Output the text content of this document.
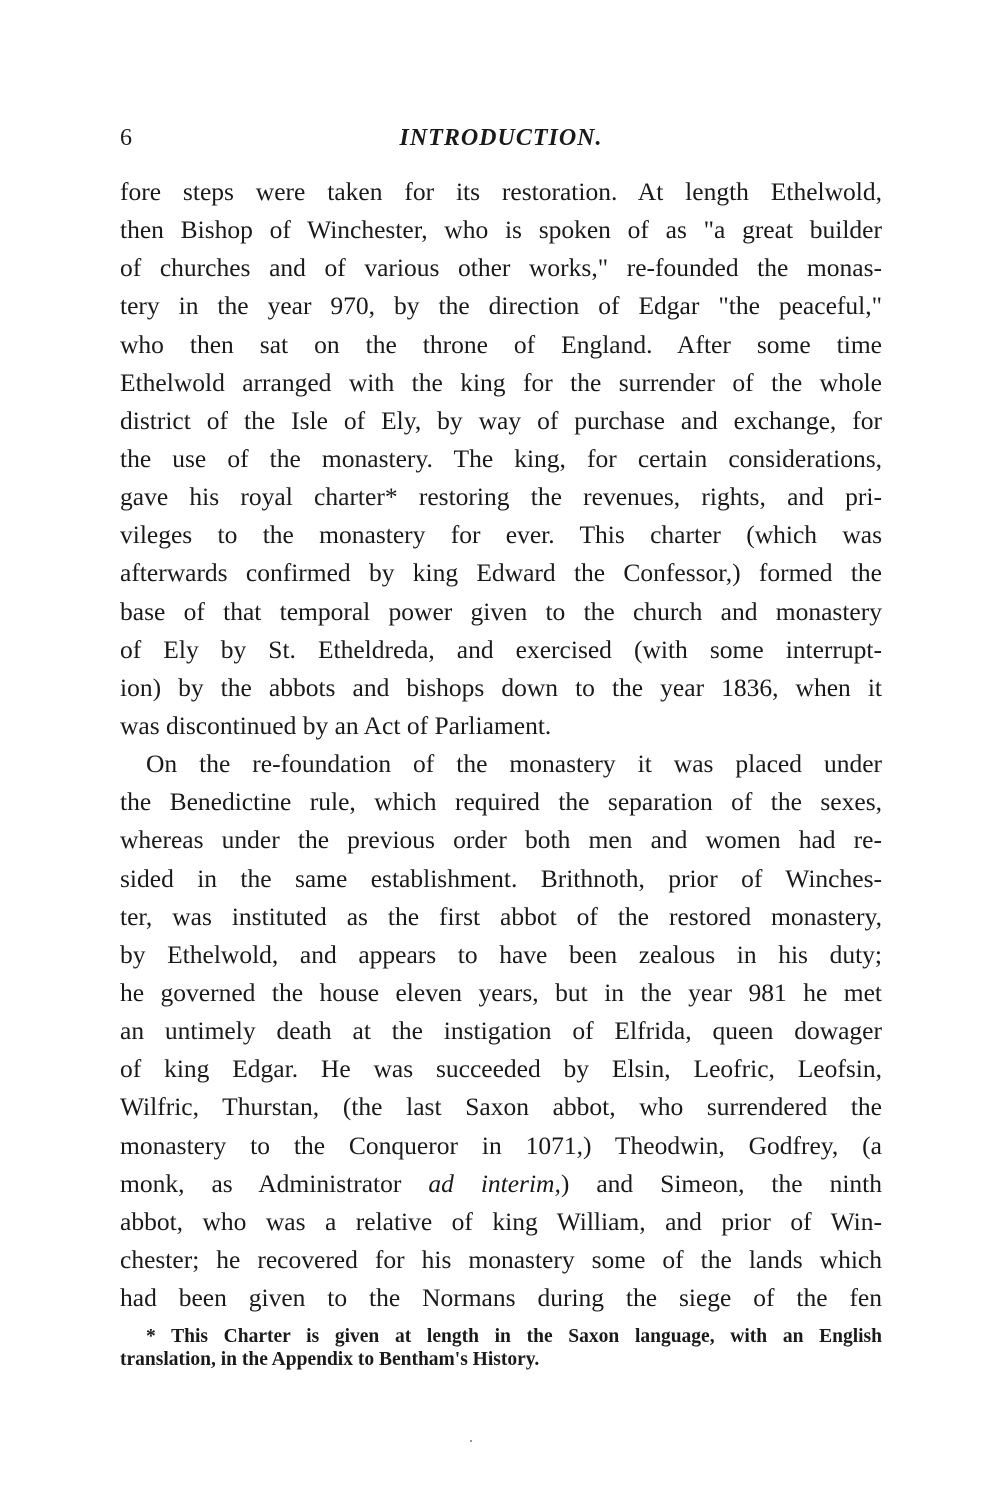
6	INTRODUCTION.
fore steps were taken for its restoration. At length Ethelwold,
then Bishop of Winchester, who is spoken of as "a great builder
of churches and of various other works," re-founded the monas-
tery in the year 970, by the direction of Edgar "the peaceful,"
who then sat on the throne of England. After some time
Ethelwold arranged with the king for the surrender of the whole
district of the Isle of Ely, by way of purchase and exchange, for
the use of the monastery. The king, for certain considerations,
gave his royal charter* restoring the revenues, rights, and pri-
vileges to the monastery for ever. This charter (which was
afterwards confirmed by king Edward the Confessor,) formed the
base of that temporal power given to the church and monastery
of Ely by St. Etheldreda, and exercised (with some interrupt-
ion) by the abbots and bishops down to the year 1836, when it
was discontinued by an Act of Parliament.
On the re-foundation of the monastery it was placed under
the Benedictine rule, which required the separation of the sexes,
whereas under the previous order both men and women had re-
sided in the same establishment. Brithnoth, prior of Winches-
ter, was instituted as the first abbot of the restored monastery,
by Ethelwold, and appears to have been zealous in his duty;
he governed the house eleven years, but in the year 981 he met
an untimely death at the instigation of Elfrida, queen dowager
of king Edgar. He was succeeded by Elsin, Leofric, Leofsin,
Wilfric, Thurstan, (the last Saxon abbot, who surrendered the
monastery to the Conqueror in 1071,) Theodwin, Godfrey, (a
monk, as Administrator ad interim,) and Simeon, the ninth
abbot, who was a relative of king William, and prior of Win-
chester; he recovered for his monastery some of the lands which
had been given to the Normans during the siege of the fen
* This Charter is given at length in the Saxon language, with an English
translation, in the Appendix to Bentham's History.
